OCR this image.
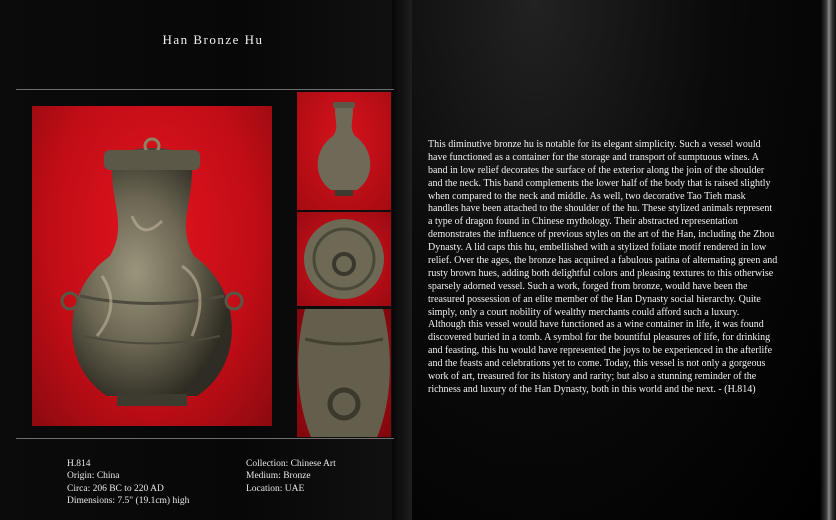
Han Bronze Hu
This diminutive bronze hu is notable for its elegant simplicity. Such a vessel would
have functioned as a container for the storage and transport of sumptuous wines. A
band in low relief decorates the surface of the exterior along the join of the shoulder
and the neck. This band complements the lower half of the body that is raised slightly
when compared to the neck and middle. As well, two decorative Tao Tieh mask
handles have been attached to the shoulder of the hu. These stylized animals represent
a type of dragon found in Chinese mythology. Their abstracted representation
demonstrates the influence of previous styles on the art of the Han, including the Zhou
Dynasty. A lid caps this hu, embellished with a stylized foliate motif rendered in low
relief. Over the ages, the bronze has acquired a fabulous patina of alternating green and
rusty brown hues, adding both delightful colors and pleasing textures to this otherwise
sparsely adorned vessel. Such a work, forged from bronze, would have been the
treasured possession of an elite member of the Han Dynasty social hierarchy. Quite
simply, only a court nobility of wealthy merchants could afford such a luxury.
Although this vessel would have functioned as a wine container in life, it was found
discovered buried in a tomb. A symbol for the bountiful pleasures of life, for drinking
and feasting, this hu would have represented the joys to be experienced in the afterlife
and the feasts and celebrations yet to come. Today, this vessel is not only a gorgeous
work of art, treasured for its history and rarity; but also a stunning reminder of the
richness and luxury of the Han Dynasty, both in this world and the next. - (H.814)
H.814
Origin: China
Circa: 206 BC to 220 AD
Dimensions: 7.5" (19.1cm) high
Collection: Chinese Art
Medium: Bronze
Location: UAE
